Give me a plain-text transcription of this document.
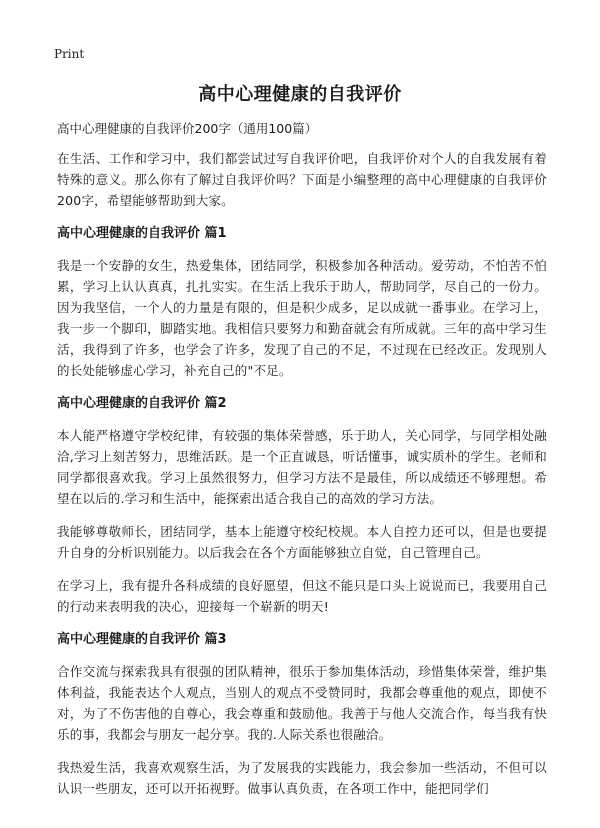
Print
高中心理健康的自我评价
高中心理健康的自我评价200字（通用100篇）

在生活、工作和学习中，我们都尝试过写自我评价吧，自我评价对个人的自我发展有着特殊的意义。那么你有了解过自我评价吗？下面是小编整理的高中心理健康的自我评价200字，希望能够帮助到大家。

高中心理健康的自我评价 篇1

我是一个安静的女生，热爱集体，团结同学，积极参加各种活动。爱劳动，不怕苦不怕累，学习上认认真真，扎扎实实。在生活上我乐于助人，帮助同学，尽自己的一份力。因为我坚信，一个人的力量是有限的，但是积少成多，足以成就一番事业。在学习上，我一步一个脚印，脚踏实地。我相信只要努力和勤奋就会有所成就。三年的高中学习生活，我得到了许多，也学会了许多，发现了自己的不足，不过现在已经改正。发现别人的长处能够虚心学习，补充自己的"不足。

高中心理健康的自我评价 篇2

本人能严格遵守学校纪律，有较强的集体荣誉感，乐于助人，关心同学，与同学相处融洽,学习上刻苦努力，思维活跃。是一个正直诚恳，听话懂事，诚实质朴的学生。老师和同学都很喜欢我。学习上虽然很努力，但学习方法不是最佳，所以成绩还不够理想。希望在以后的.学习和生活中，能探索出适合我自己的高效的学习方法。

我能够尊敬师长，团结同学，基本上能遵守校纪校规。本人自控力还可以，但是也要提升自身的分析识别能力。以后我会在各个方面能够独立自觉，自己管理自己。

在学习上，我有提升各科成绩的良好愿望，但这不能只是口头上说说而已，我要用自己的行动来表明我的决心，迎接每一个崭新的明天!

高中心理健康的自我评价 篇3

合作交流与探索我具有很强的团队精神，很乐于参加集体活动，珍惜集体荣誉，维护集体利益，我能表达个人观点，当别人的观点不受赞同时，我都会尊重他的观点，即使不对，为了不伤害他的自尊心，我会尊重和鼓励他。我善于与他人交流合作，每当我有快乐的事，我都会与朋友一起分享。我的.人际关系也很融洽。

我热爱生活，我喜欢观察生活，为了发展我的实践能力，我会参加一些活动，不但可以认识一些朋友，还可以开拓视野。做事认真负责，在各项工作中，能把同学们
